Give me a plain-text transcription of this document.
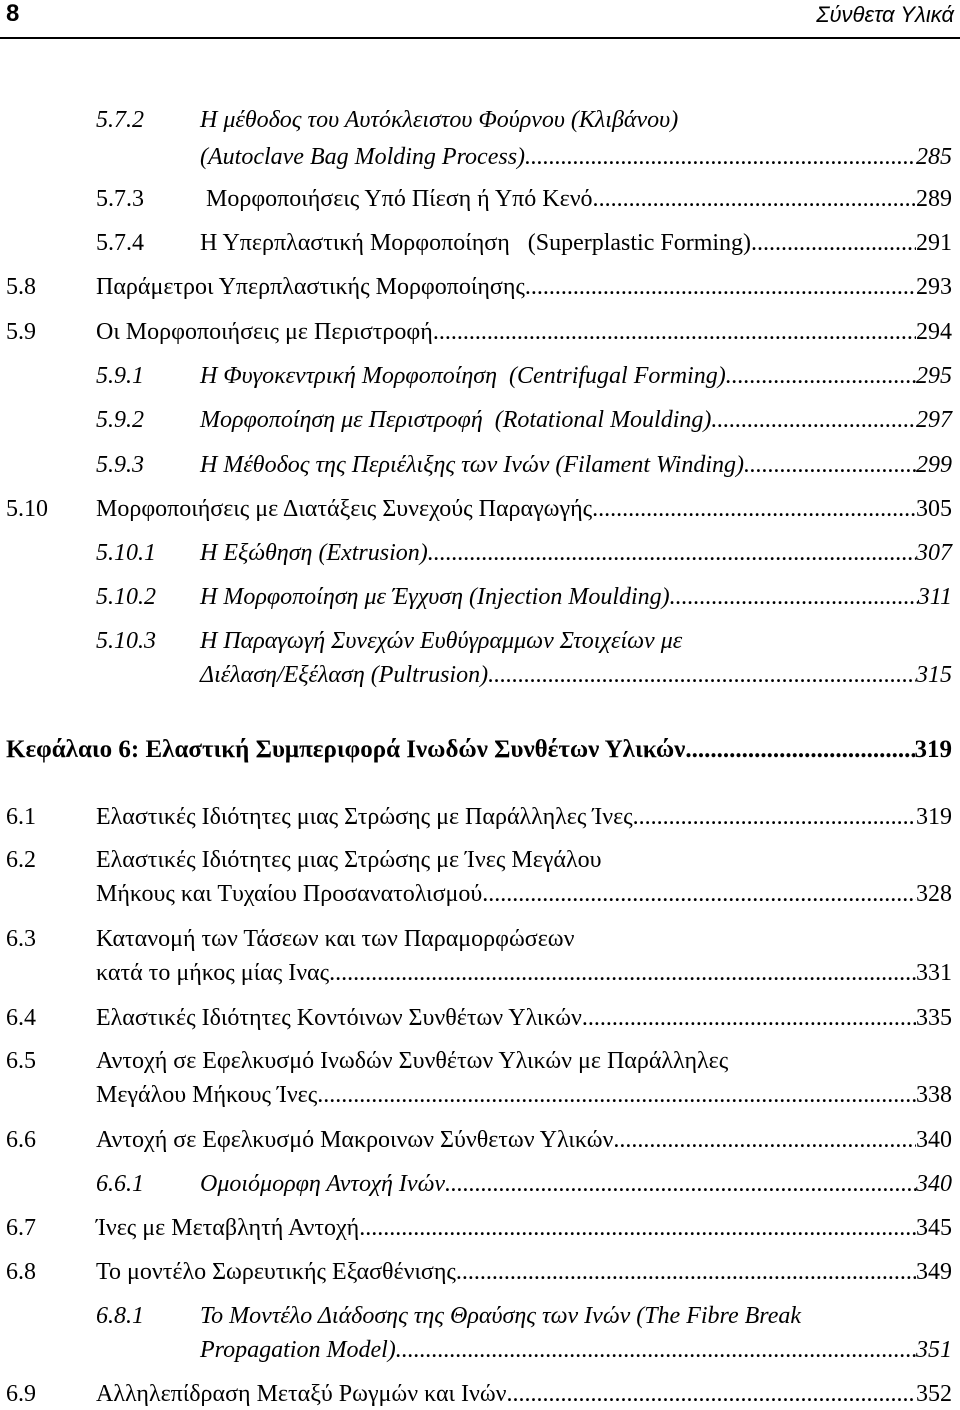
8	Σύνθετα Υλικά
5.7.2 Η μέθοδος του Αυτόκλειστου Φούρνου (Κλιβάνου)
(Autoclave Bag Molding Process) .....	285
5.7.3 Μορφοποιήσεις Υπό Πίεση ή Υπό Κενό. .....	289
5.7.4 Η Υπερπλαστική Μορφοποίηση   (Superplastic Forming) .....	291
5.8	Παράμετροι Υπερπλαστικής Μορφοποίησης .....	293
5.9	Οι Μορφοποιήσεις με Περιστροφή .....	294
5.9.1 Η Φυγοκεντρική Μορφοποίηση  (Centrifugal Forming) .....	295
5.9.2 Μορφοποίηση με Περιστροφή  (Rotational Moulding) .....	297
5.9.3 Η Μέθοδος της Περιέλιξης των Ινών (Filament Winding) .....	299
5.10 Μορφοποιήσεις με Διατάξεις Συνεχούς Παραγωγής .....	305
5.10.1 Η Εξώθηση (Extrusion) .....	307
5.10.2 Η Μορφοποίηση με Έγχυση (Injection Moulding) .....	311
5.10.3 Η Παραγωγή Συνεχών Ευθύγραμμων Στοιχείων με
Διέλαση/Εξέλαση (Pultrusion) .....	315
Κεφάλαιο 6: Ελαστική Συμπεριφορά Ινωδών Συνθέτων Υλικών .....	319
6.1	Ελαστικές Ιδιότητες μιας Στρώσης με Παράλληλες Ίνες .....	319
6.2	Ελαστικές Ιδιότητες μιας Στρώσης με Ίνες Μεγάλου
Μήκους και Τυχαίου Προσανατολισμού. .....	328
6.3	Κατανομή των Τάσεων και των Παραμορφώσεων
κατά το μήκος μίας Ινας .....	331
6.4	Ελαστικές Ιδιότητες Κοντόινων Συνθέτων Υλικών .....	335
6.5	Αντοχή σε Εφελκυσμό Ινωδών Συνθέτων Υλικών με Παράλληλες
Μεγάλου Μήκους Ίνες .....	338
6.6	Αντοχή σε Εφελκυσμό Μακροινων Σύνθετων Υλικών .....	340
6.6.1 Ομοιόμορφη Αντοχή Ινών .....	340
6.7	Ίνες με Μεταβλητή Αντοχή .....	345
6.8	Το μοντέλο Σωρευτικής Εξασθένισης .....	349
6.8.1 Το Μοντέλο Διάδοσης της Θραύσης των Ινών (The Fibre Break
Propagation Model) .....	351
6.9	Αλληλεπίδραση Μεταξύ Ρωγμών και Ινών .....	352
